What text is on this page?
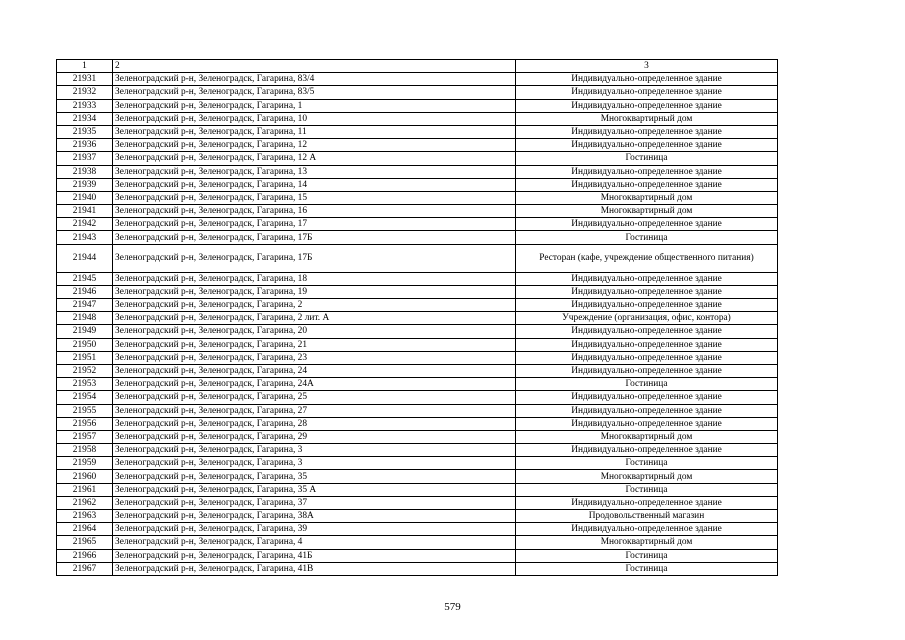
1	2	3
21931	Зеленоградский р-н, Зеленоградск, Гагарина, 83/4	Индивидуально-определенное здание
21932	Зеленоградский р-н, Зеленоградск, Гагарина, 83/5	Индивидуально-определенное здание
21933	Зеленоградский р-н, Зеленоградск, Гагарина, 1	Индивидуально-определенное здание
21934	Зеленоградский р-н, Зеленоградск, Гагарина, 10	Многоквартирный дом
21935	Зеленоградский р-н, Зеленоградск, Гагарина, 11	Индивидуально-определенное здание
21936	Зеленоградский р-н, Зеленоградск, Гагарина, 12	Индивидуально-определенное здание
21937	Зеленоградский р-н, Зеленоградск, Гагарина, 12 А	Гостиница
21938	Зеленоградский р-н, Зеленоградск, Гагарина, 13	Индивидуально-определенное здание
21939	Зеленоградский р-н, Зеленоградск, Гагарина, 14	Индивидуально-определенное здание
21940	Зеленоградский р-н, Зеленоградск, Гагарина, 15	Многоквартирный дом
21941	Зеленоградский р-н, Зеленоградск, Гагарина, 16	Многоквартирный дом
21942	Зеленоградский р-н, Зеленоградск, Гагарина, 17	Индивидуально-определенное здание
21943	Зеленоградский р-н, Зеленоградск, Гагарина, 17Б	Гостиница
21944	Зеленоградский р-н, Зеленоградск, Гагарина, 17Б	Ресторан (кафе, учреждение общественного питания)
21945	Зеленоградский р-н, Зеленоградск, Гагарина, 18	Индивидуально-определенное здание
21946	Зеленоградский р-н, Зеленоградск, Гагарина, 19	Индивидуально-определенное здание
21947	Зеленоградский р-н, Зеленоградск, Гагарина, 2	Индивидуально-определенное здание
21948	Зеленоградский р-н, Зеленоградск, Гагарина, 2 лит. А	Учреждение (организация, офис, контора)
21949	Зеленоградский р-н, Зеленоградск, Гагарина, 20	Индивидуально-определенное здание
21950	Зеленоградский р-н, Зеленоградск, Гагарина, 21	Индивидуально-определенное здание
21951	Зеленоградский р-н, Зеленоградск, Гагарина, 23	Индивидуально-определенное здание
21952	Зеленоградский р-н, Зеленоградск, Гагарина, 24	Индивидуально-определенное здание
21953	Зеленоградский р-н, Зеленоградск, Гагарина, 24А	Гостиница
21954	Зеленоградский р-н, Зеленоградск, Гагарина, 25	Индивидуально-определенное здание
21955	Зеленоградский р-н, Зеленоградск, Гагарина, 27	Индивидуально-определенное здание
21956	Зеленоградский р-н, Зеленоградск, Гагарина, 28	Индивидуально-определенное здание
21957	Зеленоградский р-н, Зеленоградск, Гагарина, 29	Многоквартирный дом
21958	Зеленоградский р-н, Зеленоградск, Гагарина, 3	Индивидуально-определенное здание
21959	Зеленоградский р-н, Зеленоградск, Гагарина, 3	Гостиница
21960	Зеленоградский р-н, Зеленоградск, Гагарина, 35	Многоквартирный дом
21961	Зеленоградский р-н, Зеленоградск, Гагарина, 35 А	Гостиница
21962	Зеленоградский р-н, Зеленоградск, Гагарина, 37	Индивидуально-определенное здание
21963	Зеленоградский р-н, Зеленоградск, Гагарина, 38А	Продовольственный магазин
21964	Зеленоградский р-н, Зеленоградск, Гагарина, 39	Индивидуально-определенное здание
21965	Зеленоградский р-н, Зеленоградск, Гагарина, 4	Многоквартирный дом
21966	Зеленоградский р-н, Зеленоградск, Гагарина, 41Б	Гостиница
21967	Зеленоградский р-н, Зеленоградск, Гагарина, 41В	Гостиница
579
